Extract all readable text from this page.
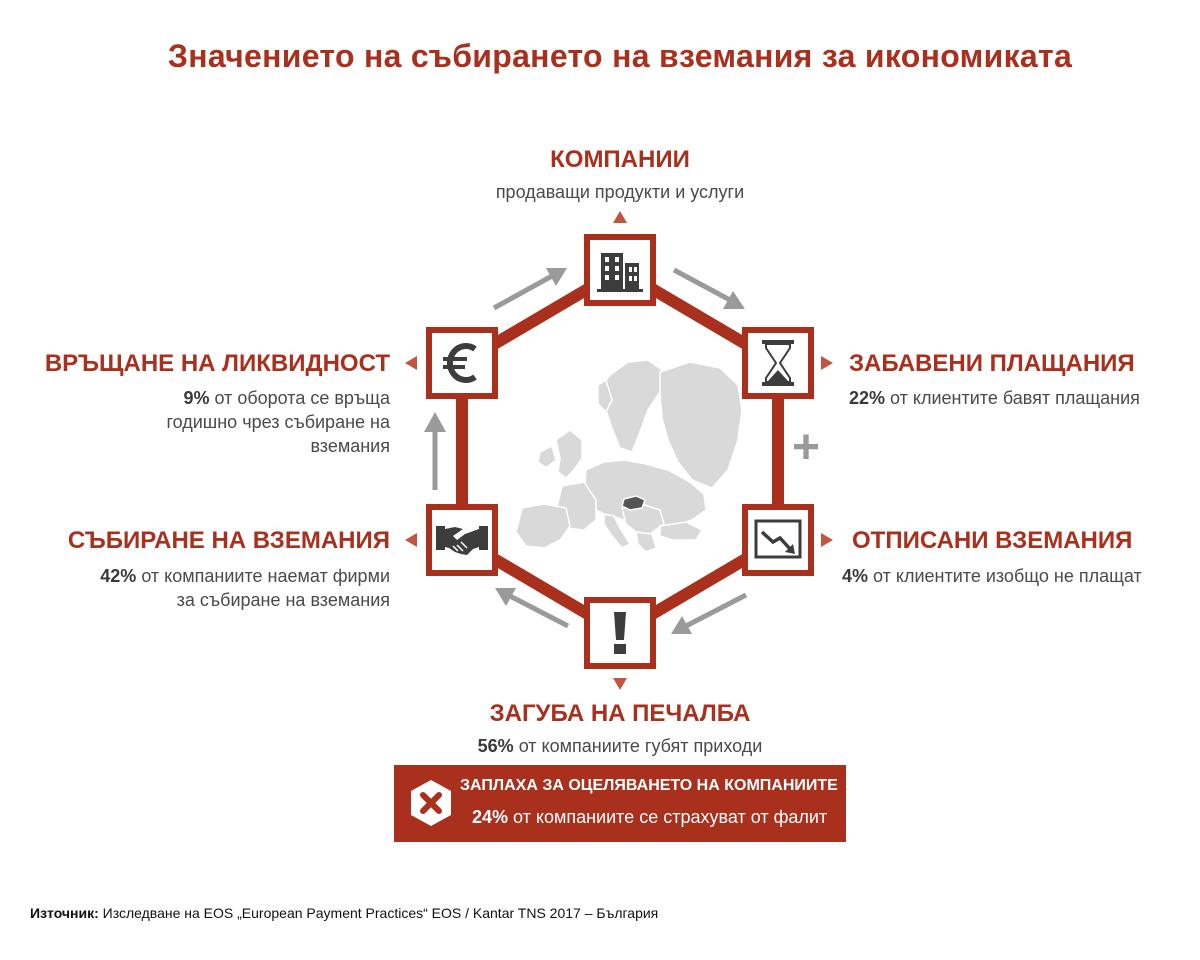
Значението на събирането на вземания за икономиката
КОМПАНИИ
продаващи продукти и услуги
ЗАБАВЕНИ ПЛАЩАНИЯ
22% от клиентите бавят плащания
+
ОТПИСАНИ ВЗЕМАНИЯ
4% от клиентите изобщо не плащат
ЗАГУБА НА ПЕЧАЛБА
56% от компаниите губят приходи
СЪБИРАНЕ НА ВЗЕМАНИЯ
42% от компаниите наемат фирми
за събиране на вземания
ВРЪЩАНЕ НА ЛИКВИДНОСТ
9% от оборота се връща
годишно чрез събиране на
вземания
ЗАПЛАХА ЗА ОЦЕЛЯВАНЕТО НА КОМПАНИИТЕ
24% от компаниите се страхуват от фалит
Източник: Изследване на EOS „European Payment Practices“ EOS / Kantar TNS 2017 – България
